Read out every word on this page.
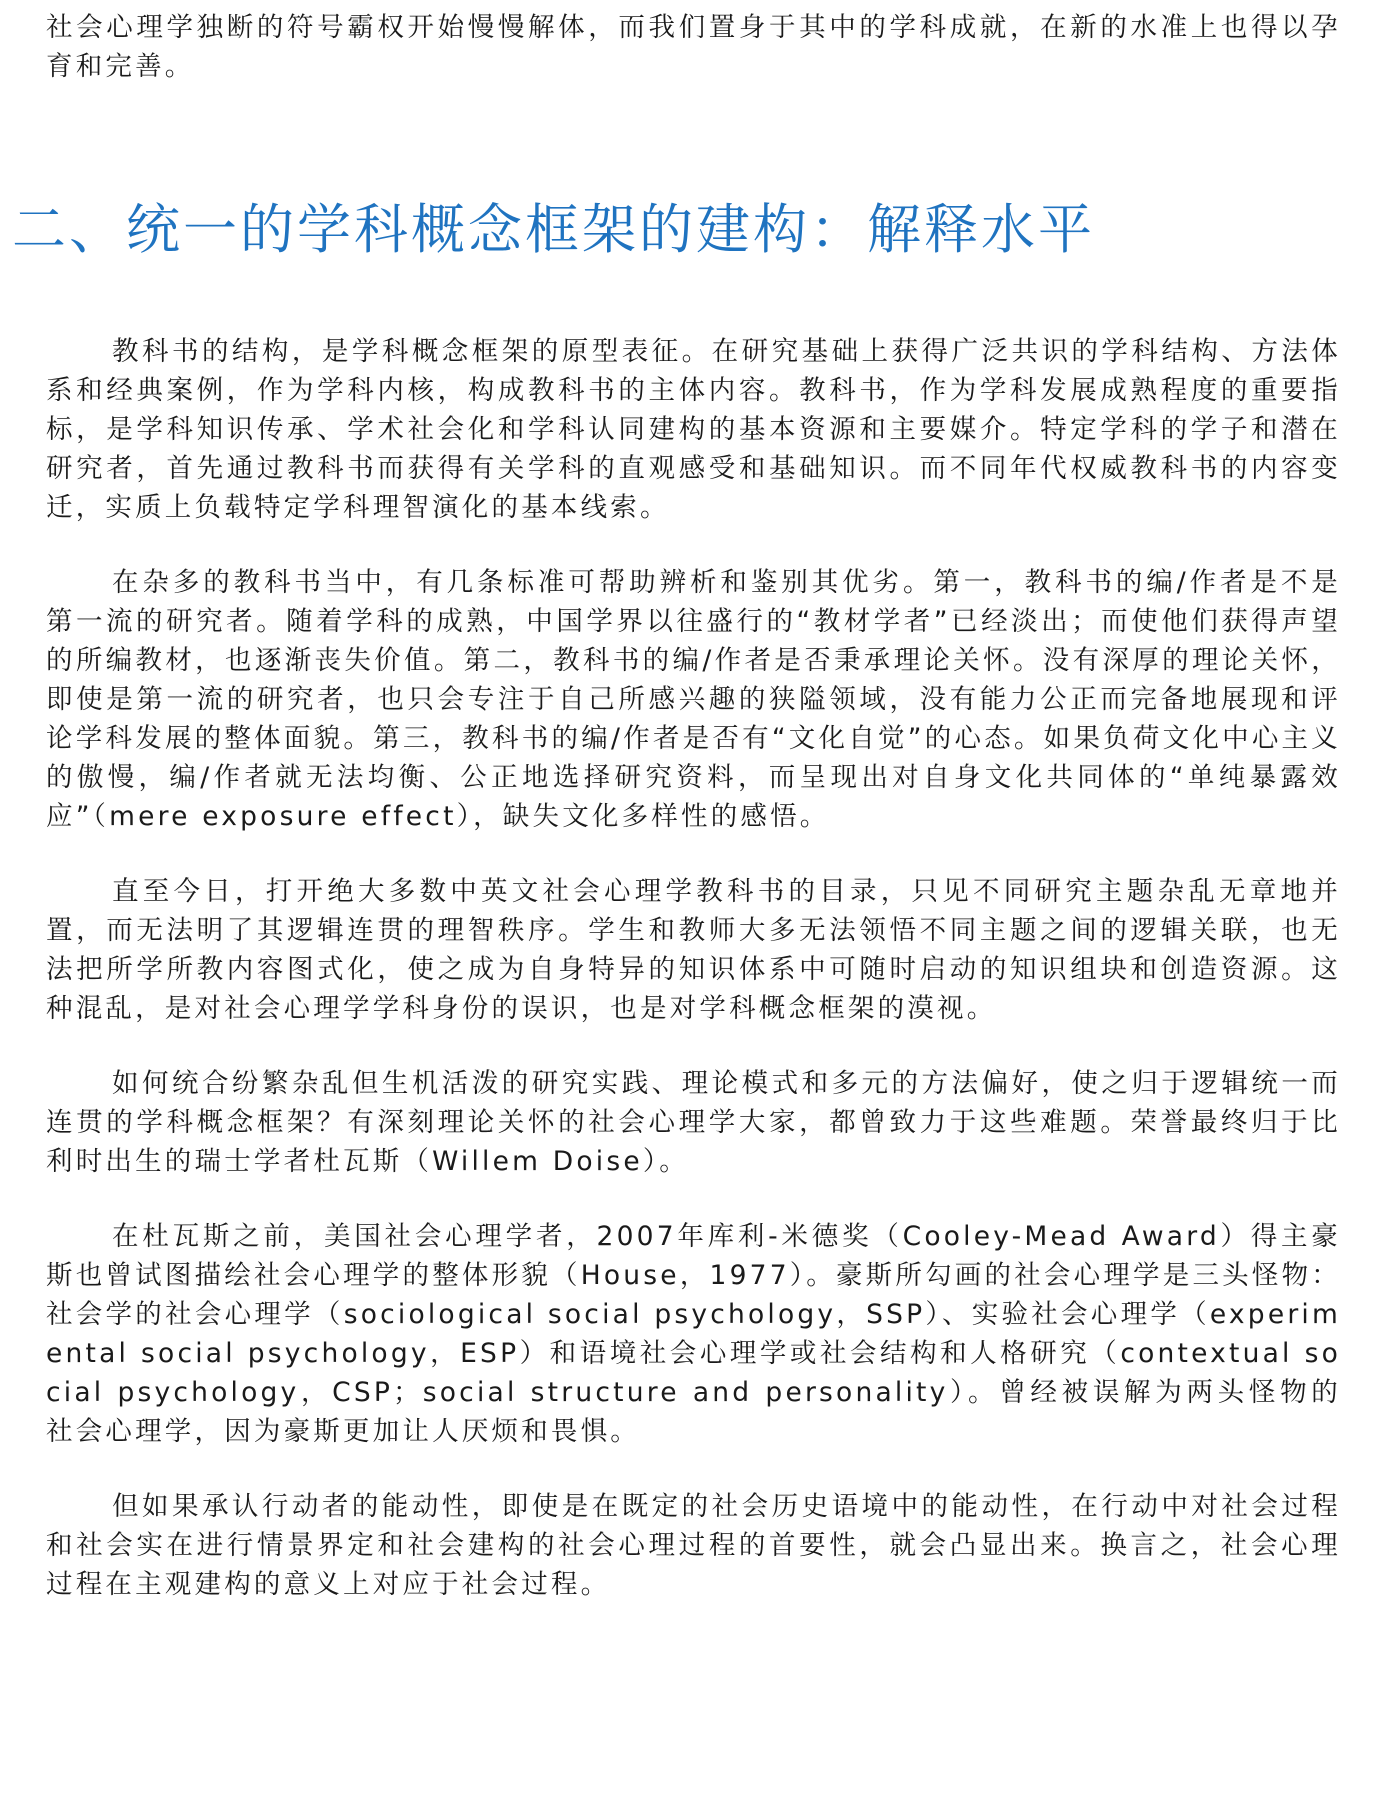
社会心理学独断的符号霸权开始慢慢解体，而我们置身于其中的学科成就，在新的水准上也得以孕育和完善。

二、统一的学科概念框架的建构：解释水平

教科书的结构，是学科概念框架的原型表征。在研究基础上获得广泛共识的学科结构、方法体系和经典案例，作为学科内核，构成教科书的主体内容。教科书，作为学科发展成熟程度的重要指标，是学科知识传承、学术社会化和学科认同建构的基本资源和主要媒介。特定学科的学子和潜在研究者，首先通过教科书而获得有关学科的直观感受和基础知识。而不同年代权威教科书的内容变迁，实质上负载特定学科理智演化的基本线索。

在杂多的教科书当中，有几条标准可帮助辨析和鉴别其优劣。第一，教科书的编/作者是不是第一流的研究者。随着学科的成熟，中国学界以往盛行的“教材学者”已经淡出；而使他们获得声望的所编教材，也逐渐丧失价值。第二，教科书的编/作者是否秉承理论关怀。没有深厚的理论关怀，即使是第一流的研究者，也只会专注于自己所感兴趣的狭隘领域，没有能力公正而完备地展现和评论学科发展的整体面貌。第三，教科书的编/作者是否有“文化自觉”的心态。如果负荷文化中心主义的傲慢，编/作者就无法均衡、公正地选择研究资料，而呈现出对自身文化共同体的“单纯暴露效应”（mere exposure effect），缺失文化多样性的感悟。

直至今日，打开绝大多数中英文社会心理学教科书的目录，只见不同研究主题杂乱无章地并置，而无法明了其逻辑连贯的理智秩序。学生和教师大多无法领悟不同主题之间的逻辑关联，也无法把所学所教内容图式化，使之成为自身特异的知识体系中可随时启动的知识组块和创造资源。这种混乱，是对社会心理学学科身份的误识，也是对学科概念框架的漠视。

如何统合纷繁杂乱但生机活泼的研究实践、理论模式和多元的方法偏好，使之归于逻辑统一而连贯的学科概念框架？有深刻理论关怀的社会心理学大家，都曾致力于这些难题。荣誉最终归于比利时出生的瑞士学者杜瓦斯（Willem Doise）。

在杜瓦斯之前，美国社会心理学者，2007年库利-米德奖（Cooley-Mead Award）得主豪斯也曾试图描绘社会心理学的整体形貌（House，1977）。豪斯所勾画的社会心理学是三头怪物：社会学的社会心理学（sociological social psychology，SSP）、实验社会心理学（experimental social psychology，ESP）和语境社会心理学或社会结构和人格研究（contextual social psychology，CSP；social structure and personality）。曾经被误解为两头怪物的社会心理学，因为豪斯更加让人厌烦和畏惧。

但如果承认行动者的能动性，即使是在既定的社会历史语境中的能动性，在行动中对社会过程和社会实在进行情景界定和社会建构的社会心理过程的首要性，就会凸显出来。换言之，社会心理过程在主观建构的意义上对应于社会过程。
